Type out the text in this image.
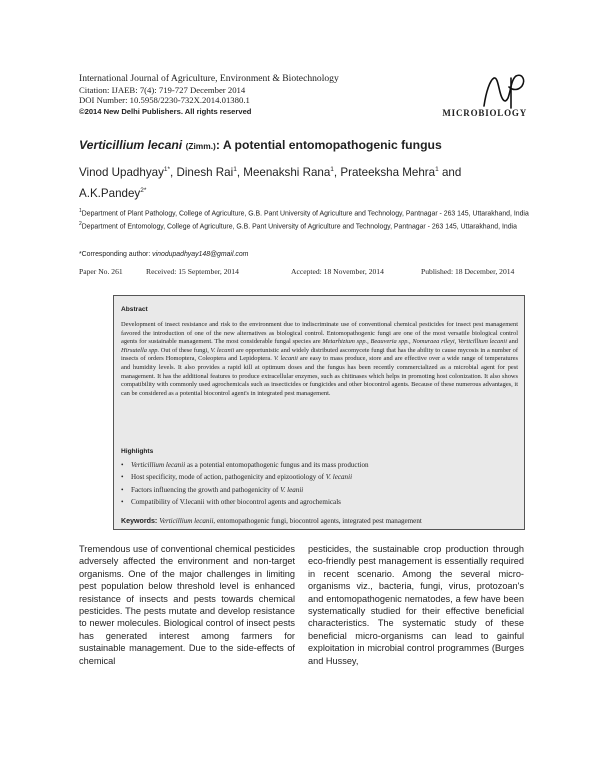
International Journal of Agriculture, Environment & Biotechnology
Citation: IJAEB: 7(4): 719-727 December 2014
DOI Number: 10.5958/2230-732X.2014.01380.1
©2014 New Delhi Publishers. All rights reserved	MICROBIOLOGY
Verticillium lecani (Zimm.): A potential entomopathogenic fungus
Vinod Upadhyay$^{1*}$, Dinesh Rai$^1$, Meenakshi Rana$^1$, Prateeksha Mehra$^1$ and A.K.Pandey$^{2*}$

$^1$Department of Plant Pathology, College of Agriculture, G.B. Pant University of Agriculture and Technology, Pantnagar - 263 145, Uttarakhand, India

$^2$Department of Entomology, College of Agriculture, G.B. Pant University of Agriculture and Technology, Pantnagar - 263 145, Uttarakhand, India

*Corresponding author: vinodupadhyay148@gmail.com
Paper No. 261	Received: 15 September, 2014	Accepted: 18 November, 2014	Published: 18 December, 2014
Abstract
Development of insect resistance and risk to the environment due to indiscriminate use of conventional chemical pesticides for insect pest management favored the introduction of one of the new alternatives as biological control. Entomopathogenic fungi are one of the most versatile biological control agents for sustainable management. The most considerable fungal species are Metarhizium spp., Beauveria spp., Nomuraea rileyi, Verticillium lecanii and Hirsutella spp. Out of these fungi, V. lecanii are opportunistic and widely distributed ascomycete fungi that has the ability to cause mycosis in a number of insects of orders Homoptera, Coleoptera and Lepidoptera. V. lecanii are easy to mass produce, store and are effective over a wide range of temperatures and humidity levels. It also provides a rapid kill at optimum doses and the fungus has been recently commercialized as a microbial agent for pest management. It has the additional features to produce extracellular enzymes, such as chitinases which helps in promoting host colonization. It also shows compatibility with commonly used agrochemicals such as insecticides or fungicides and other biocontrol agents. Because of these numerous advantages, it can be considered as a potential biocontrol agent's in integrated pest management.
Highlights
• Verticillium lecanii as a potential entomopathogenic fungus and its mass production
• Host specificity, mode of action, pathogenicity and epizootiology of V. lecanii
• Factors influencing the growth and pathogenicity of V. leanii
• Compatibility of V.lecanii with other biocontrol agents and agrochemicals
Keywords: Verticillium lecanii, entomopathogenic fungi, biocontrol agents, integrated pest management
Tremendous use of conventional chemical pesticides adversely affected the environment and non-target organisms. One of the major challenges in limiting pest population below threshold level is enhanced resistance of insects and pests towards chemical pesticides. The pests mutate and develop resistance to newer molecules. Biological control of insect pests has generated interest among farmers for sustainable management. Due to the side-effects of chemical
pesticides, the sustainable crop production through eco-friendly pest management is essentially required in recent scenario. Among the several micro-organisms viz., bacteria, fungi, virus, protozoan's and entomopathogenic nematodes, a few have been systematically studied for their effective beneficial characteristics. The systematic study of these beneficial micro-organisms can lead to gainful exploitation in microbial control programmes (Burges and Hussey,
